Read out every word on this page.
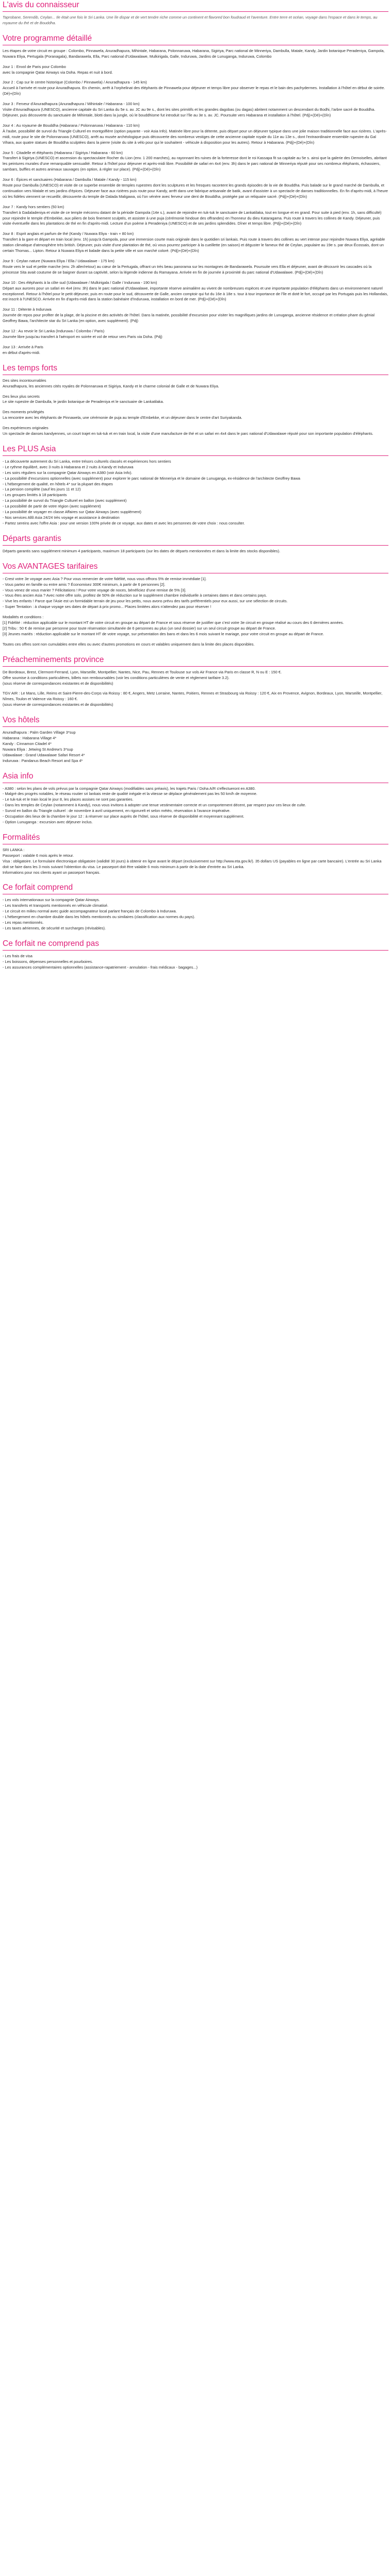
L'avis du connaisseur

Taprobane, Serendib, Ceylan... Ile était une fois le Sri Lanka. Une île dispar et de vert tendre riche comme un continent et flavored bon foudraud et l'aventure. Entre terre et océan, voyage dans l'espace et dans le temps, au royaume du thé et de Bouddha.

Votre programme détaillé

Les étapes de votre circuit en groupe : Colombo, Pinnawela, Anuradhapura, Mihintale, Habarana, Polonnaruwa, Habarana, Sigiriya, Parc national de Minneriya, Dambulla, Matale, Kandy, Jardin botanique Peradeniya, Gampola, Nuwara Eliya, Pertugala (Poranagala), Bandarawela, Ella, Parc national d'Udawalawe, Mulkirigala, Galle, Induruwa, Jardins de Lunuganga, Induruwa, Colombo

Jour 1 : Envol de Paris pour Colombo
avec la compagnie Qatar Airways via Doha. Repas et nuit à bord.

Jour 2 : Cap sur le centre historique (Colombo / Pinnawela) / Anuradhapura - 145 km)
Accueil à l'arrivée et route pour Anuradhapura. En chemin, arrêt à l'orphelinat des éléphants de Pinnawela pour déjeuner et temps libre pour observer le repas et le bain des pachydermes. Installation à l'hôtel en début de soirée. (Dé)+(Dîn)

Jour 3 : Ferveur d'Anuradhapura (Anuradhapura / Mihintale / Habarana - 100 km)
Visite d'Anuradhapura (UNESCO), ancienne capitale du Sri Lanka du 5e s. av. JC au 9e s., dont les sites primitifs et les grandes dagobas (ou dagas) abritent notamment un descendant du Bodhi, l'arbre sacré de Bouddha. Déjeuner, puis découverte du sanctuaire de Mihintale, blotti dans la jungle, où le bouddhisme fut introduit sur l'île au 3e s. av. JC. Poursuite vers Habarana et installation à l'hôtel. (Pdj)+(Dé)+(Dîn)

Jour 4 : Au royaume de Bouddha (Habarana / Polonnaruwa / Habarana - 110 km)
À l'aube, possibilité de survol du Triangle Culturel en montgolfière (option payante - voir Asia Info). Matinée libre pour la détente, puis départ pour un déjeuner typique dans une jolie maison traditionnelle face aux rizières. L'après-midi, route pour le site de Polonnaruwa (UNESCO), arrêt au musée archéologique puis découverte des nombreux vestiges de cette ancienne capitale royale du 11e au 13e s., dont l'extraordinaire ensemble rupestre du Gal Vihara, aux quatre statues de Bouddha sculptées dans la pierre (visite du site à vélo pour qui le souhaitent - véhicule à disposition pour les autres). Retour à Habarana. (Pdj)+(Dé)+(Dîn)

Jour 5 : Citadelle et éléphants (Habarana / Sigiriya / Habarana - 60 km)
Transfert à Sigiriya (UNESCO) et ascension du spectaculaire Rocher du Lion (env. 1 200 marches), au rayonnant les ruines de la forteresse dont le roi Kassapa fit sa capitale au 5e s. ainsi que la galerie des Demoiselles, abritant les peintures murales d'une remarquable sensualité. Retour à l'hôtel pour déjeuner et après-midi libre. Possibilité de safari en 4x4 (env. 3h) dans le parc national de Minneriya réputé pour ses nombreux éléphants, échassiers, sambars, buffles et autres animaux sauvages (en option, à régler sur place). (Pdj)+(Dé)+(Dîn)

Jour 6 : Épices et sanctuaires (Habarana / Dambulla / Matale / Kandy - 115 km)
Route pour Dambulla (UNESCO) et visite de ce superbe ensemble de temples rupestres dont les sculptures et les fresques racontent les grands épisodes de la vie de Bouddha. Puis balade sur le grand marché de Dambulla, et continuation vers Matale et ses jardins d'épices. Déjeuner face aux rizières puis route pour Kandy, arrêt dans une fabrique artisanale de batik, avant d'assister à un spectacle de danses traditionnelles. En fin d'après-midi, à l'heure où les fidèles viennent se recueillir, découverte du temple de Dalada Maligawa, où l'on vénère avec ferveur une dent de Bouddha, protégée par un reliquaire sacré. (Pdj)+(Dé)+(Dîn)

Jour 7 : Kandy hors sentiers (50 km)
Transfert à Gadaladeniya et visite de ce temple méconnu datant de la période Gampola (14e s.), avant de rejoindre en tuk-tuk le sanctuaire de Lankatilaka, tout en longue et en grand. Pour suite à pied (env. 1h, sans difficulté) pour rejoindre le temple d'Embekke, aux piliers de bois finement sculptés, et assister à une puja (cérémonie hindoue des offrandes) en l'honneur du dieu Kataragama. Puis route à travers les collines de Kandy. Déjeuner, puis visite éventuelle dans les plantations de thé en fin d'après-midi. Lecture d'un poème à Peradeniya (UNESCO) et de ses jardins splendides. Dîner et temps libre. (Pdj)+(Dé)+(Dîn)

Jour 8 : Esprit anglais et parfum de thé (Kandy / Nuwara Eliya - train + 80 km)
Transfert à la gare et départ en train local (env. 1h) jusqu'à Gampola, pour une immersion courte mais originale dans le quotidien sri lankais. Puis route à travers des collines au vert intense pour rejoindre Nuwara Eliya, agréable station climatique d'atmosphère très british. Déjeuner, puis visite d'une plantation de thé, où vous pourrez participer à la cueillette (en saison) et déguster le fameux thé de Ceylan, populaire au 19e s. par deux Écossais, dont un certain Thomas... Lipton. Retour à Nuwara Eliya et balade dans la petite ville et son marché coloré. (Pdj)+(Dé)+(Dîn)

Jour 9 : Ceylan nature (Nuwara Eliya / Ella / Udawalawe - 175 km)
Route vers le sud et petite marche (env. 2h aller/retour) au cœur de la Pertugala, offrant un très beau panorama sur les montagnes de Bandarawela. Poursuite vers Ella et déjeuner, avant de découvrir les cascades où la princesse Sita avait coutume de se baigner durant sa captivité, selon la légende indienne du Ramayana. Arrivée en fin de journée à proximité du parc national d'Udawalawe. (Pdj)+(Dé)+(Dîn)

Jour 10 : Des éléphants à la côte sud (Udawalawe / Mulkirigala / Galle / Induruwa - 190 km)
Départ aux aurores pour un safari en 4x4 (env. 3h) dans le parc national d'Udawalawe, importante réserve animalière au vivent de nombreuses espèces et une importante population d'éléphants dans un environnement naturel exceptionnel. Retour à l'hôtel pour le petit déjeuner, puis en route pour le sud, découverte de Galle, ancien comptoir qui fut du 16e à 18e s. tour à tour importance de l'île et doté le fort, occupé par les Portugais puis les Hollandais, est inscrit à l'UNESCO. Arrivée en fin d'après-midi dans la station balnéaire d'Induruwa, installation en bord de mer. (Pdj)+(Dé)+(Dîn)

Jour 11 : Détente à Induruwa
Journée de repos pour profiter de la plage, de la piscine et des activités de l'hôtel. Dans la matinée, possibilité d'excursion pour visiter les magnifiques jardins de Lunuganga, ancienne résidence et création phare du génial Geoffrey Bawa, l'architecte star du Sri Lanka (en option, avec supplément). (Pdj)

Jour 12 : Au revoir le Sri Lanka (Induruwa / Colombo / Paris)
Journée libre jusqu'au transfert à l'aéroport en soirée et vol de retour vers Paris via Doha. (Pdj)

Jour 13 : Arrivée à Paris
en début d'après-midi.

Les temps forts

Des sites incontournables
Anuradhapura, les anciennes cités royales de Polonnaruwa et Sigiriya, Kandy et le charme colonial de Galle et de Nuwara Eliya.

Des lieux plus secrets
Le site rupestre de Dambulla, le jardin botanique de Peradeniya et le sanctuaire de Lankatilaka.

Des moments privilégiés
La rencontre avec les éléphants de Pinnawela, une cérémonie de puja au temple d'Embekke, et un déjeuner dans le centre d'art Suriyakanda.

Des expériences originales
Un spectacle de danses kandyennes, un court trajet en tuk-tuk et en train local, la visite d'une manufacture de thé et un safari en 4x4 dans le parc national d'Udawalawe réputé pour son importante population d'éléphants.

Les PLUS Asia

- La découverte autrement du Sri Lanka, entre trésors culturels classés et expériences hors sentiers
- Le rythme équilibré, avec 3 nuits à Habarana et 2 nuits à Kandy et Induruwa
- Les soirs réguliers sur la compagnie Qatar Airways en A380 (voir Asia Info).
- La possibilité d'excursions optionnelles (avec supplément) pour explorer le parc national de Minneriya et le domaine de Lunuganga, ex-résidence de l'architecte Geoffrey Bawa
- L'hébergement de qualité, en hôtels 4* sur la plupart des étapes
- La pension complète (sauf les jours 11 et 12)
- Les groupes limités à 18 participants
- La possibilité de survol du Triangle Culturel en ballon (avec supplément)
- La possibilité de partir de votre région (avec supplément)
- La possibilité de voyager en classe Affaires sur Qatar Airways (avec supplément)
- Nos services Allô Asia 24/24 très voyage et assistance à destination
- Partez sereins avec l'offre Asia : pour une version 100% privée de ce voyage, aux dates et avec les personnes de votre choix : nous consulter.

Départs garantis

Départs garantis sans supplément minimum 4 participants, maximum 18 participants (sur les dates de départs mentionnées et dans la limite des stocks disponibles).

Vos AVANTAGES tarifaires

- Crest votre 3e voyage avec Asia ? Pour vous remercier de votre fidélité, nous vous offrons 5% de remise immédiate [1].
- Vous partez en famille ou entre amis ? Économisez 300€ minimum, à partir de 6 personnes [2].
- Vous venez de vous marier ? Félicitations ! Pour votre voyage de noces, bénéficiez d'une remise de 5% [3].
- Vous êtes ancien Asia ? Avec notre offre solo, profitez de 50% de réduction sur le supplément chambre individuelle à certaines dates et dans certains pays.
- Vive les enfants ! Parce que l'Asie est un formidable terrain de jeu pour les petits, nous avons prévu des tarifs préférentiels pour eux aussi, sur une sélection de circuits.
- Super Tentation : à chaque voyage ses dates de départ à prix promo... Places limitées alors n'attendez pas pour réserver !

Modalités et conditions :
[1] Fidélité : réduction applicable sur le montant HT de votre circuit en groupe au départ de France et sous réserve de justifier que c'est votre 3e circuit en groupe réalisé au cours des 6 dernières années.
[2] Tribu : 50 € de remise par personne pour toute réservation simultanée de 6 personnes au plus (un seul dossier) sur un seul circuit groupe au départ de France.
[3] Jeunes mariés : réduction applicable sur le montant HT de votre voyage, sur présentation des bans et dans les 6 mois suivant le mariage, pour votre circuit en groupe au départ de France.

Toutes ces offres sont non cumulables entre elles ou avec d'autres promotions en cours et valables uniquement dans la limite des places disponibles.

Préacheminements province

De Bordeaux, Brest, Clermont-Ferrand, Lyon, Marseille, Montpellier, Nantes, Nice, Pau, Rennes et Toulouse sur vols Air France via Paris en classe R, N ou E : 150 €.
Offre soumise à conditions particulières, billets non remboursables (voir les conditions particulières de vente et réglement tarifaire 3.2).
(sous réserve de correspondances existantes et de disponibilités)

TGV AIR : Le Mans, Lille, Reims et Saint-Pierre-des-Corps via Roissy : 80 €, Angers, Metz Lorraine, Nantes, Poitiers, Rennes et Strasbourg via Roissy : 120 €, Aix en Provence, Avignon, Bordeaux, Lyon, Marseille, Montpellier, Nîmes, Toulon et Valence via Roissy : 160 €.
(sous réserve de correspondances existantes et de disponibilités)

Vos hôtels

Anuradhapura : Palm Garden Village 3*sup
Habarana : Habarana Village 4*
Kandy : Cinnamon Citadel 4*
Nuwara Eliya : Jetwing St Andrew's 3*sup
Udawalawe : Grand Udawalawe Safari Resort 4*
Induruwa : Pandanus Beach Resort and Spa 4*

Asia info

- A380 : selon les plans de vols prévus par la compagnie Qatar Airways (modifiables sans préavis), les trajets Paris / Doha A/R s'effectueront en A380.
- Malgré des progrès notables, le réseau routier sri lankais reste de qualité inégale et la vitesse se déplace généralement pas les 50 km/h de moyenne.
- Le tuk-tuk et le train local le jour 8, les places assises ne sont pas garanties.
- Dans les temples de Ceylan (notamment à Kandy), nous vous invitons à adopter une tenue vestimentaire correcte et un comportement décent, par respect pour ces lieux de culte.
- Survol en ballon du Triangle culturel : de novembre à avril uniquement, en rigorurelt et selon météo, réservation à l'avance impérative.
- Occupation des lieux de la chambre le jour 12 : à réserver sur place auprès de l'hôtel, sous réserve de disponibilité et moyennant supplément.
- Option Lunuganga : excursion avec déjeuner inclus.

Formalités

SRI LANKA :
Passeport : valable 6 mois après le retour.
Visa : obligatoire. Le formulaire électronique obligatoire (validité 30 jours) à obtenir en ligne avant le départ (exclusivement sur http://www.eta.gov.lk/). 35 dollars US (payables en ligne par carte bancaire). L'entrée au Sri Lanka doit se faire dans les 3 mois suivant l'obtention du visa. Le passeport doit être valable 6 mois minimum à partir de la date d'entrée au Sri Lanka.
Informations pour nos clients ayant un passeport français.

Ce forfait comprend

- Les vols internationaux sur la compagnie Qatar Airways.
- Les transferts et transports mentionnés en véhicule climatisé.
- Le circuit en milieu normal avec guide accompagnateur local parlant français de Colombo à Induruwa.
- L'hébergement en chambre double dans les hôtels mentionnés ou similaires (classification aux normes du pays).
- Les repas mentionnés.
- Les taxes aériennes, de sécurité et surcharges (révisables).

Ce forfait ne comprend pas

- Les frais de visa
- Les boissons, dépenses personnelles et pourboires.
- Les assurances complémentaires optionnelles (assistance-rapatriement - annulation - frais médicaux - bagages...)
